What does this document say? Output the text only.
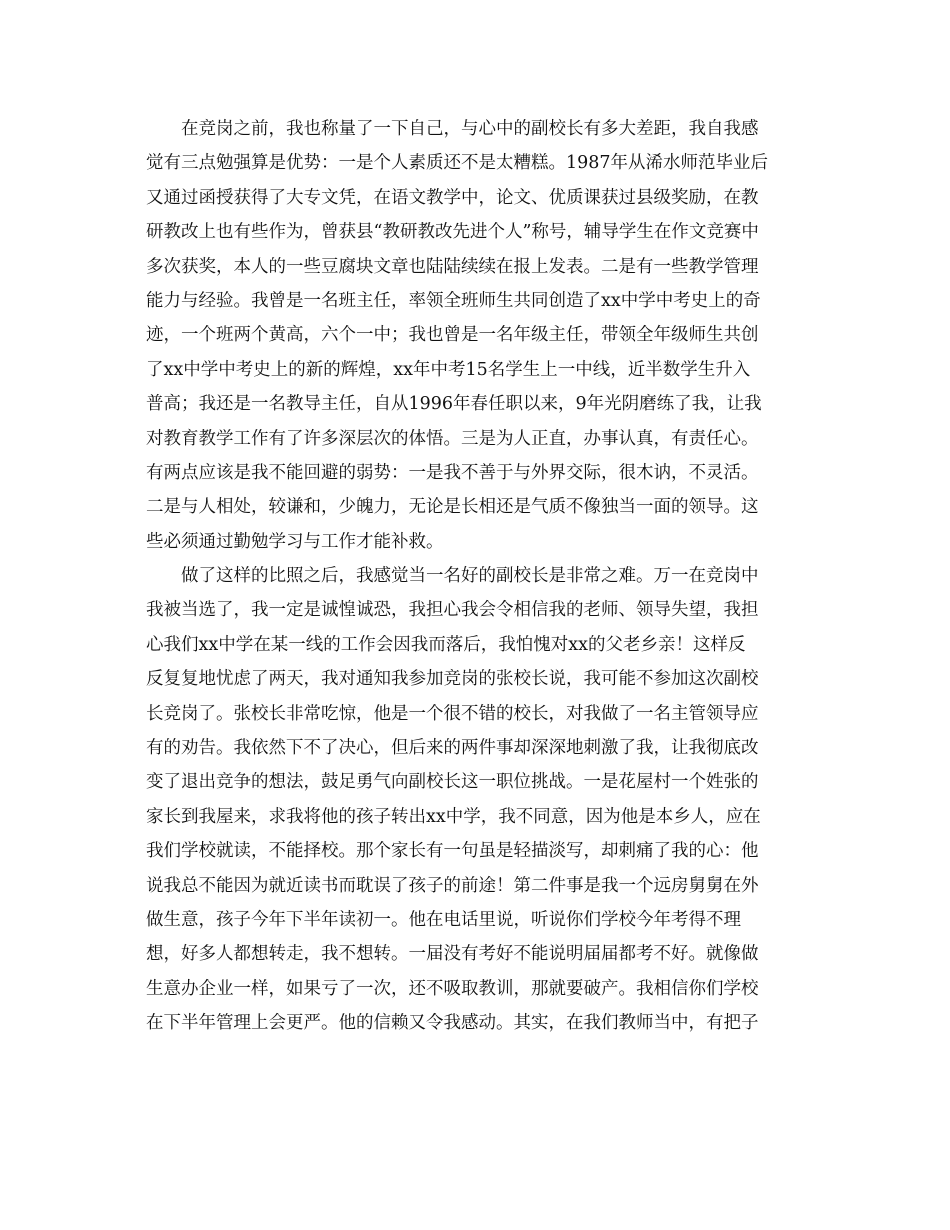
　　在竞岗之前，我也称量了一下自己，与心中的副校长有多大差距，我自我感
觉有三点勉强算是优势：一是个人素质还不是太糟糕。1987年从浠水师范毕业后
又通过函授获得了大专文凭，在语文教学中，论文、优质课获过县级奖励，在教
研教改上也有些作为，曾获县“教研教改先进个人”称号，辅导学生在作文竞赛中
多次获奖，本人的一些豆腐块文章也陆陆续续在报上发表。二是有一些教学管理
能力与经验。我曾是一名班主任，率领全班师生共同创造了xx中学中考史上的奇
迹，一个班两个黄高，六个一中；我也曾是一名年级主任，带领全年级师生共创
了xx中学中考史上的新的辉煌，xx年中考15名学生上一中线，近半数学生升入
普高；我还是一名教导主任，自从1996年春任职以来，9年光阴磨练了我，让我
对教育教学工作有了许多深层次的体悟。三是为人正直，办事认真，有责任心。
有两点应该是我不能回避的弱势：一是我不善于与外界交际，很木讷，不灵活。
二是与人相处，较谦和，少魄力，无论是长相还是气质不像独当一面的领导。这
些必须通过勤勉学习与工作才能补救。
　　做了这样的比照之后，我感觉当一名好的副校长是非常之难。万一在竞岗中
我被当选了，我一定是诚惶诚恐，我担心我会令相信我的老师、领导失望，我担
心我们xx中学在某一线的工作会因我而落后，我怕愧对xx的父老乡亲！这样反
反复复地忧虑了两天，我对通知我参加竞岗的张校长说，我可能不参加这次副校
长竞岗了。张校长非常吃惊，他是一个很不错的校长，对我做了一名主管领导应
有的劝告。我依然下不了决心，但后来的两件事却深深地刺激了我，让我彻底改
变了退出竞争的想法，鼓足勇气向副校长这一职位挑战。一是花屋村一个姓张的
家长到我屋来，求我将他的孩子转出xx中学，我不同意，因为他是本乡人，应在
我们学校就读，不能择校。那个家长有一句虽是轻描淡写，却刺痛了我的心：他
说我总不能因为就近读书而耽误了孩子的前途！第二件事是我一个远房舅舅在外
做生意，孩子今年下半年读初一。他在电话里说，听说你们学校今年考得不理
想，好多人都想转走，我不想转。一届没有考好不能说明届届都考不好。就像做
生意办企业一样，如果亏了一次，还不吸取教训，那就要破产。我相信你们学校
在下半年管理上会更严。他的信赖又令我感动。其实，在我们教师当中，有把子
